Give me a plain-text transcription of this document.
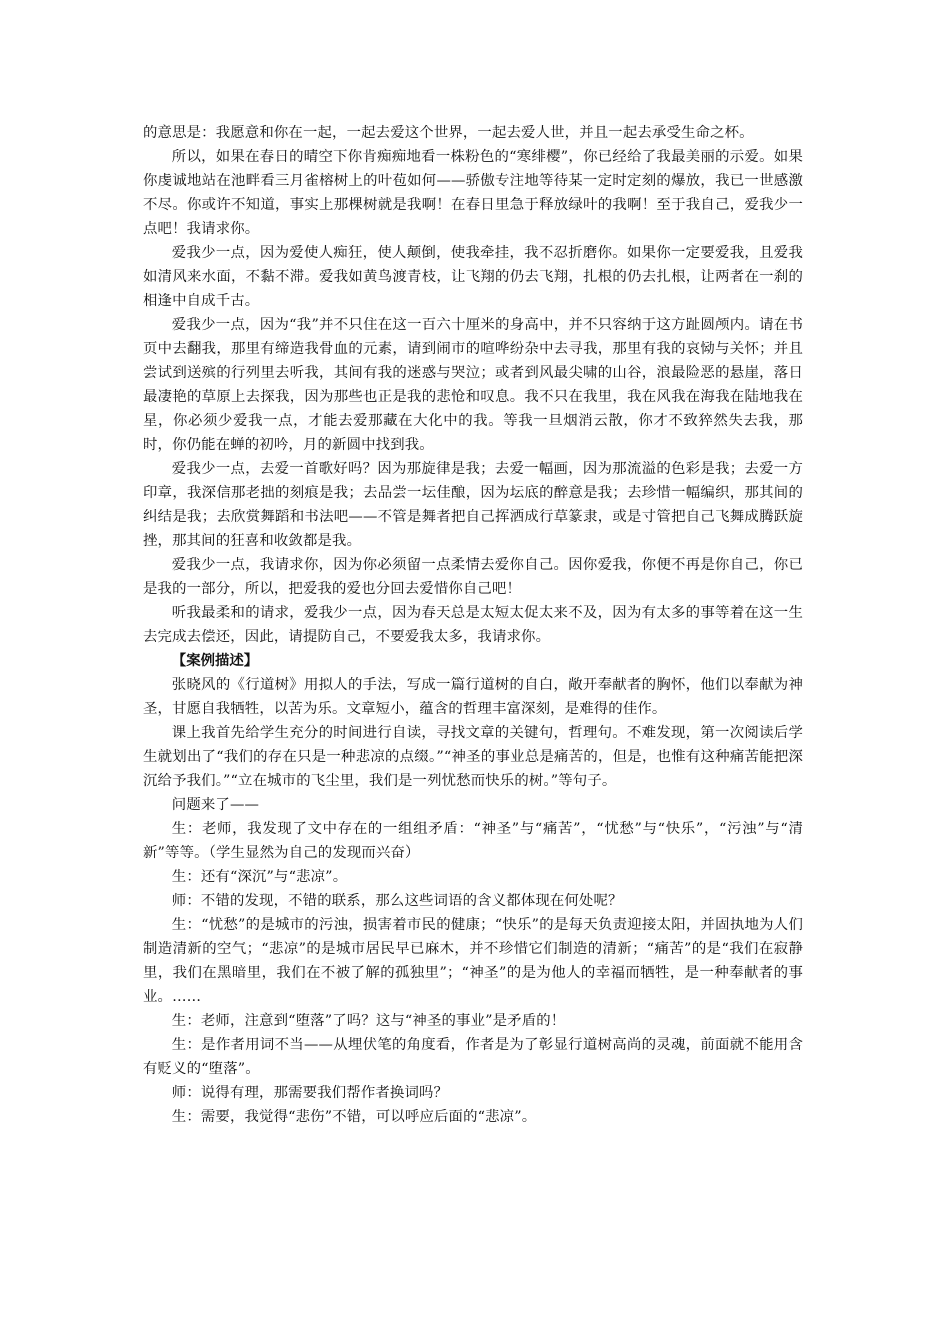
的意思是：我愿意和你在一起，一起去爱这个世界，一起去爱人世，并且一起去承受生命之杯。

所以，如果在春日的晴空下你肯痴痴地看一株粉色的“寒绯樱”，你已经给了我最美丽的示爱。如果你虔诚地站在池畔看三月雀榕树上的叶苞如何——骄傲专注地等待某一定时定刻的爆放，我已一世感激不尽。你或许不知道，事实上那棵树就是我啊！在春日里急于释放绿叶的我啊！至于我自己，爱我少一点吧！我请求你。

爱我少一点，因为爱使人痴狂，使人颠倒，使我牵挂，我不忍折磨你。如果你一定要爱我，且爱我如清风来水面，不黏不滞。爱我如黄鸟渡青枝，让飞翔的仍去飞翔，扎根的仍去扎根，让两者在一刹的相逢中自成千古。

爱我少一点，因为“我”并不只住在这一百六十厘米的身高中，并不只容纳于这方趾圆颅内。请在书页中去翻我，那里有缔造我骨血的元素，请到闹市的喧哗纷杂中去寻我，那里有我的哀恸与关怀；并且尝试到送殡的行列里去听我，其间有我的迷惑与哭泣；或者到风最尖啸的山谷，浪最险恶的悬崖，落日最凄艳的草原上去探我，因为那些也正是我的悲怆和叹息。我不只在我里，我在风我在海我在陆地我在星，你必须少爱我一点，才能去爱那藏在大化中的我。等我一旦烟消云散，你才不致猝然失去我，那时，你仍能在蝉的初吟，月的新圆中找到我。

爱我少一点，去爱一首歌好吗？因为那旋律是我；去爱一幅画，因为那流溢的色彩是我；去爱一方印章，我深信那老拙的刻痕是我；去品尝一坛佳酿，因为坛底的醉意是我；去珍惜一幅编织，那其间的纠结是我；去欣赏舞蹈和书法吧——不管是舞者把自己挥洒成行草篆隶，或是寸管把自己飞舞成腾跃旋挫，那其间的狂喜和收敛都是我。

爱我少一点，我请求你，因为你必须留一点柔情去爱你自己。因你爱我，你便不再是你自己，你已是我的一部分，所以，把爱我的爱也分回去爱惜你自己吧！

听我最柔和的请求，爱我少一点，因为春天总是太短太促太来不及，因为有太多的事等着在这一生去完成去偿还，因此，请提防自己，不要爱我太多，我请求你。

【案例描述】

张晓风的《行道树》用拟人的手法，写成一篇行道树的自白，敞开奉献者的胸怀，他们以奉献为神圣，甘愿自我牺牲，以苦为乐。文章短小，蕴含的哲理丰富深刻，是难得的佳作。

课上我首先给学生充分的时间进行自读，寻找文章的关键句，哲理句。不难发现，第一次阅读后学生就划出了“我们的存在只是一种悲凉的点缀。”“神圣的事业总是痛苦的，但是，也惟有这种痛苦能把深沉给予我们。”“立在城市的飞尘里，我们是一列忧愁而快乐的树。”等句子。

问题来了——

生：老师，我发现了文中存在的一组组矛盾：“神圣”与“痛苦”，“忧愁”与“快乐”，“污浊”与“清新”等等。（学生显然为自己的发现而兴奋）

生：还有“深沉”与“悲凉”。

师：不错的发现，不错的联系，那么这些词语的含义都体现在何处呢？

生：“忧愁”的是城市的污浊，损害着市民的健康；“快乐”的是每天负责迎接太阳，并固执地为人们制造清新的空气；“悲凉”的是城市居民早已麻木，并不珍惜它们制造的清新；“痛苦”的是“我们在寂静里，我们在黑暗里，我们在不被了解的孤独里”；“神圣”的是为他人的幸福而牺牲，是一种奉献者的事业。……

生：老师，注意到“堕落”了吗？这与“神圣的事业”是矛盾的！

生：是作者用词不当——从埋伏笔的角度看，作者是为了彰显行道树高尚的灵魂，前面就不能用含有贬义的“堕落”。

师：说得有理，那需要我们帮作者换词吗？

生：需要，我觉得“悲伤”不错，可以呼应后面的“悲凉”。
